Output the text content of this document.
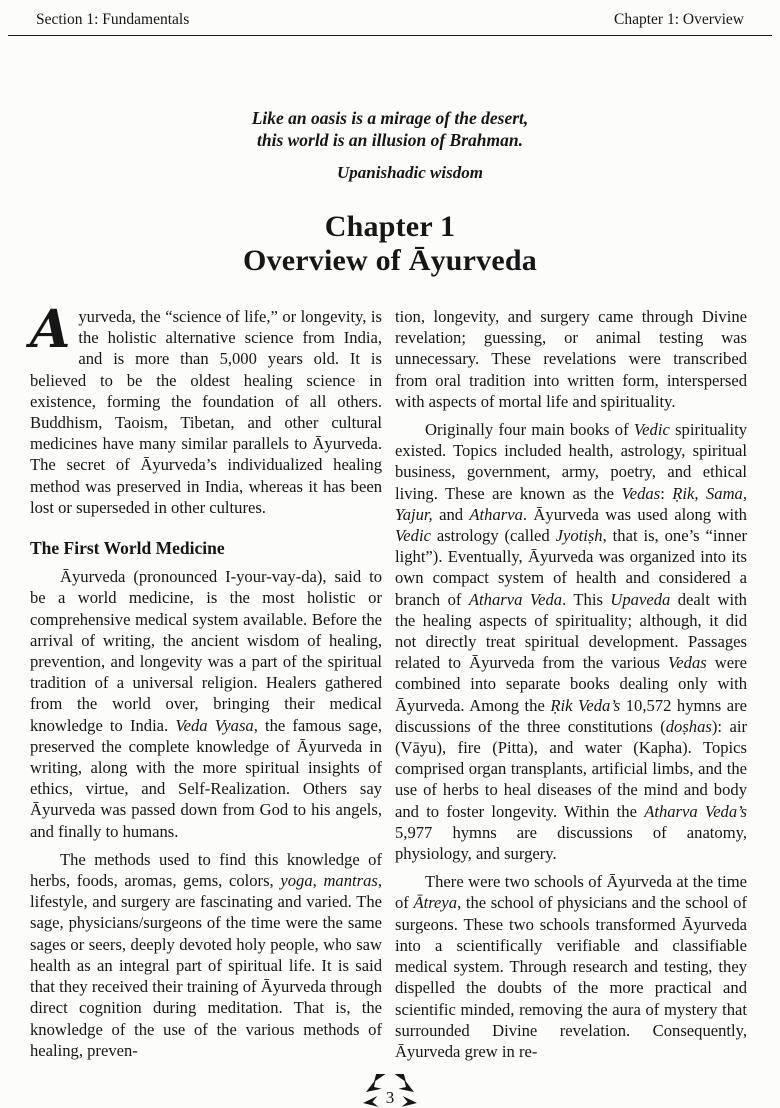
Section 1: Fundamentals	Chapter 1: Overview
Like an oasis is a mirage of the desert,
this world is an illusion of Brahman.
Upanishadic wisdom
Chapter 1
Overview of Āyurveda

Ayurveda, the “science of life,” or longevity, is the holistic alternative science from India, and is more than 5,000 years old. It is believed to be the oldest healing science in existence, forming the foundation of all others. Buddhism, Taoism, Tibetan, and other cultural medicines have many similar parallels to Āyurveda. The secret of Āyurveda’s individualized healing method was preserved in India, whereas it has been lost or superseded in other cultures.

The First World Medicine

Āyurveda (pronounced I-your-vay-da), said to be a world medicine, is the most holistic or comprehensive medical system available. Before the arrival of writing, the ancient wisdom of healing, prevention, and longevity was a part of the spiritual tradition of a universal religion. Healers gathered from the world over, bringing their medical knowledge to India. Veda Vyasa, the famous sage, preserved the complete knowledge of Āyurveda in writing, along with the more spiritual insights of ethics, virtue, and Self-Realization. Others say Āyurveda was passed down from God to his angels, and finally to humans.

The methods used to find this knowledge of herbs, foods, aromas, gems, colors, yoga, mantras, lifestyle, and surgery are fascinating and varied. The sage, physicians/surgeons of the time were the same sages or seers, deeply devoted holy people, who saw health as an integral part of spiritual life. It is said that they received their training of Āyurveda through direct cognition during meditation. That is, the knowledge of the use of the various methods of healing, preven-

tion, longevity, and surgery came through Divine revelation; guessing, or animal testing was unnecessary. These revelations were transcribed from oral tradition into written form, interspersed with aspects of mortal life and spirituality.

Originally four main books of Vedic spirituality existed. Topics included health, astrology, spiritual business, government, army, poetry, and ethical living. These are known as the Vedas: Ṛik, Sama, Yajur, and Atharva. Āyurveda was used along with Vedic astrology (called Jyotiṣh, that is, one’s “inner light”). Eventually, Āyurveda was organized into its own compact system of health and considered a branch of Atharva Veda. This Upaveda dealt with the healing aspects of spirituality; although, it did not directly treat spiritual development. Passages related to Āyurveda from the various Vedas were combined into separate books dealing only with Āyurveda. Among the Ṛik Veda’s 10,572 hymns are discussions of the three constitutions (doṣhas): air (Vāyu), fire (Pitta), and water (Kapha). Topics comprised organ transplants, artificial limbs, and the use of herbs to heal diseases of the mind and body and to foster longevity. Within the Atharva Veda’s 5,977 hymns are discussions of anatomy, physiology, and surgery.

There were two schools of Āyurveda at the time of Ātreya, the school of physicians and the school of surgeons. These two schools transformed Āyurveda into a scientifically verifiable and classifiable medical system. Through research and testing, they dispelled the doubts of the more practical and scientific minded, removing the aura of mystery that surrounded Divine revelation. Consequently, Āyurveda grew in re-

3
